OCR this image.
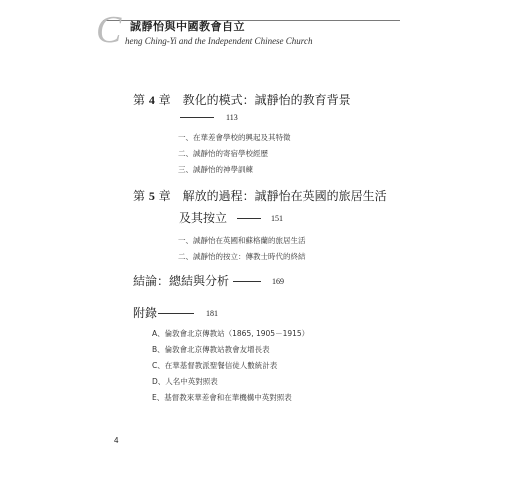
C 誠靜怡與中國教會自立
heng Ching-Yi and the Independent Chinese Church
第 4 章　教化的模式：誠靜怡的教育背景
113
一、在華差會學校的興起及其特徵
二、誠靜怡的寄宿學校經歷
三、誠靜怡的神學訓練
第 5 章　解放的過程：誠靜怡在英國的旅居生活
及其按立	151
一、誠靜怡在英國和蘇格蘭的旅居生活
二、誠靜怡的按立：傳教士時代的終結
結論：總結與分析	169
附錄	181
A、倫敦會北京傳教站（1865, 1905－1915）
B、倫敦會北京傳教站教會友增長表
C、在華基督教派聖餐信徒人數統計表
D、人名中英對照表
E、基督教來華差會和在華機構中英對照表
4
